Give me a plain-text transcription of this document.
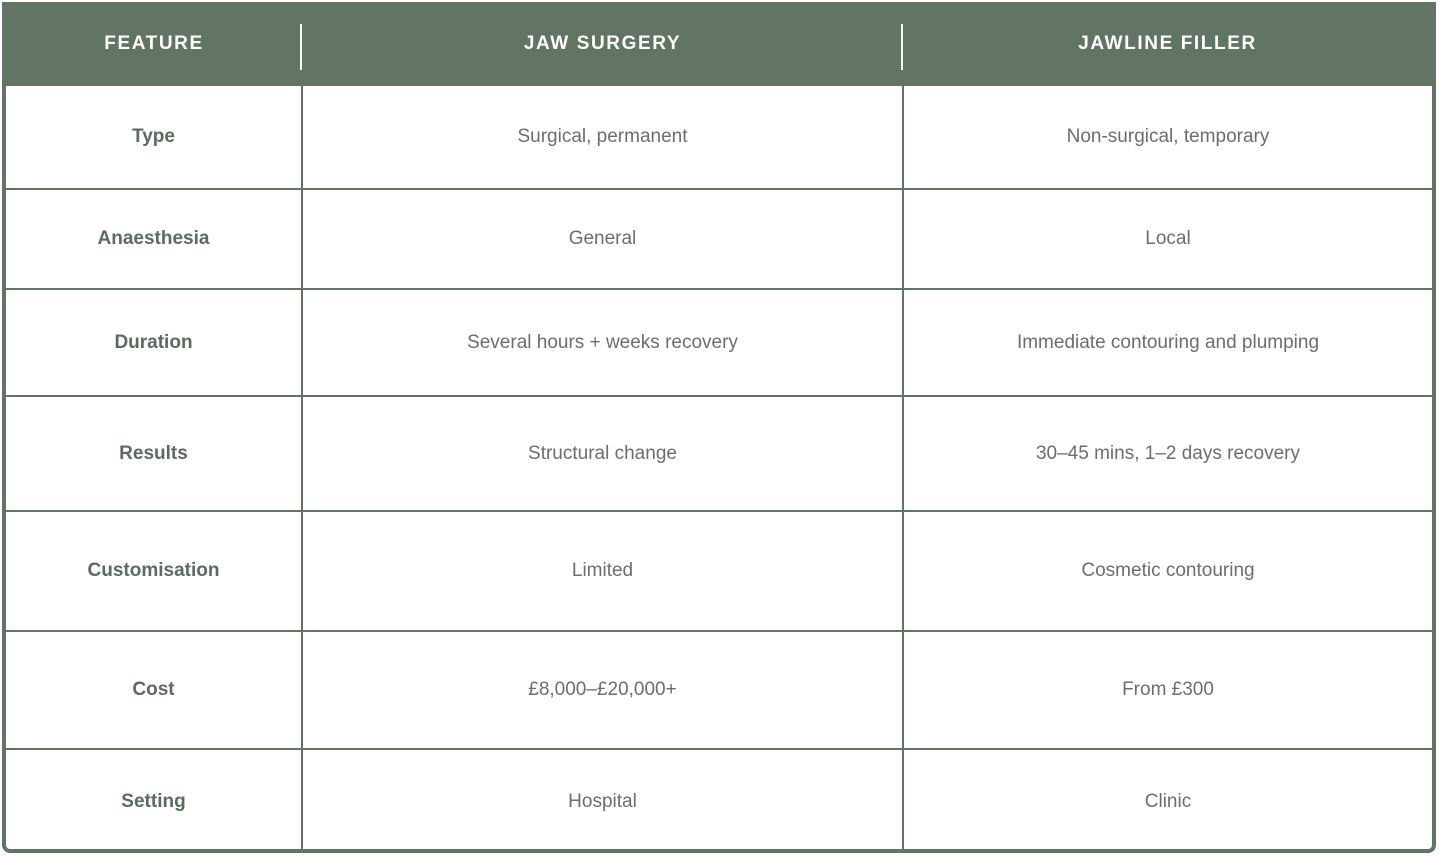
FEATURE	JAW SURGERY	JAWLINE FILLER
Type	Surgical, permanent	Non-surgical, temporary
Anaesthesia	General	Local
Duration	Several hours + weeks recovery	Immediate contouring and plumping
Results	Structural change	30–45 mins, 1–2 days recovery
Customisation	Limited	Cosmetic contouring
Cost	£8,000–£20,000+	From £300
Setting	Hospital	Clinic
